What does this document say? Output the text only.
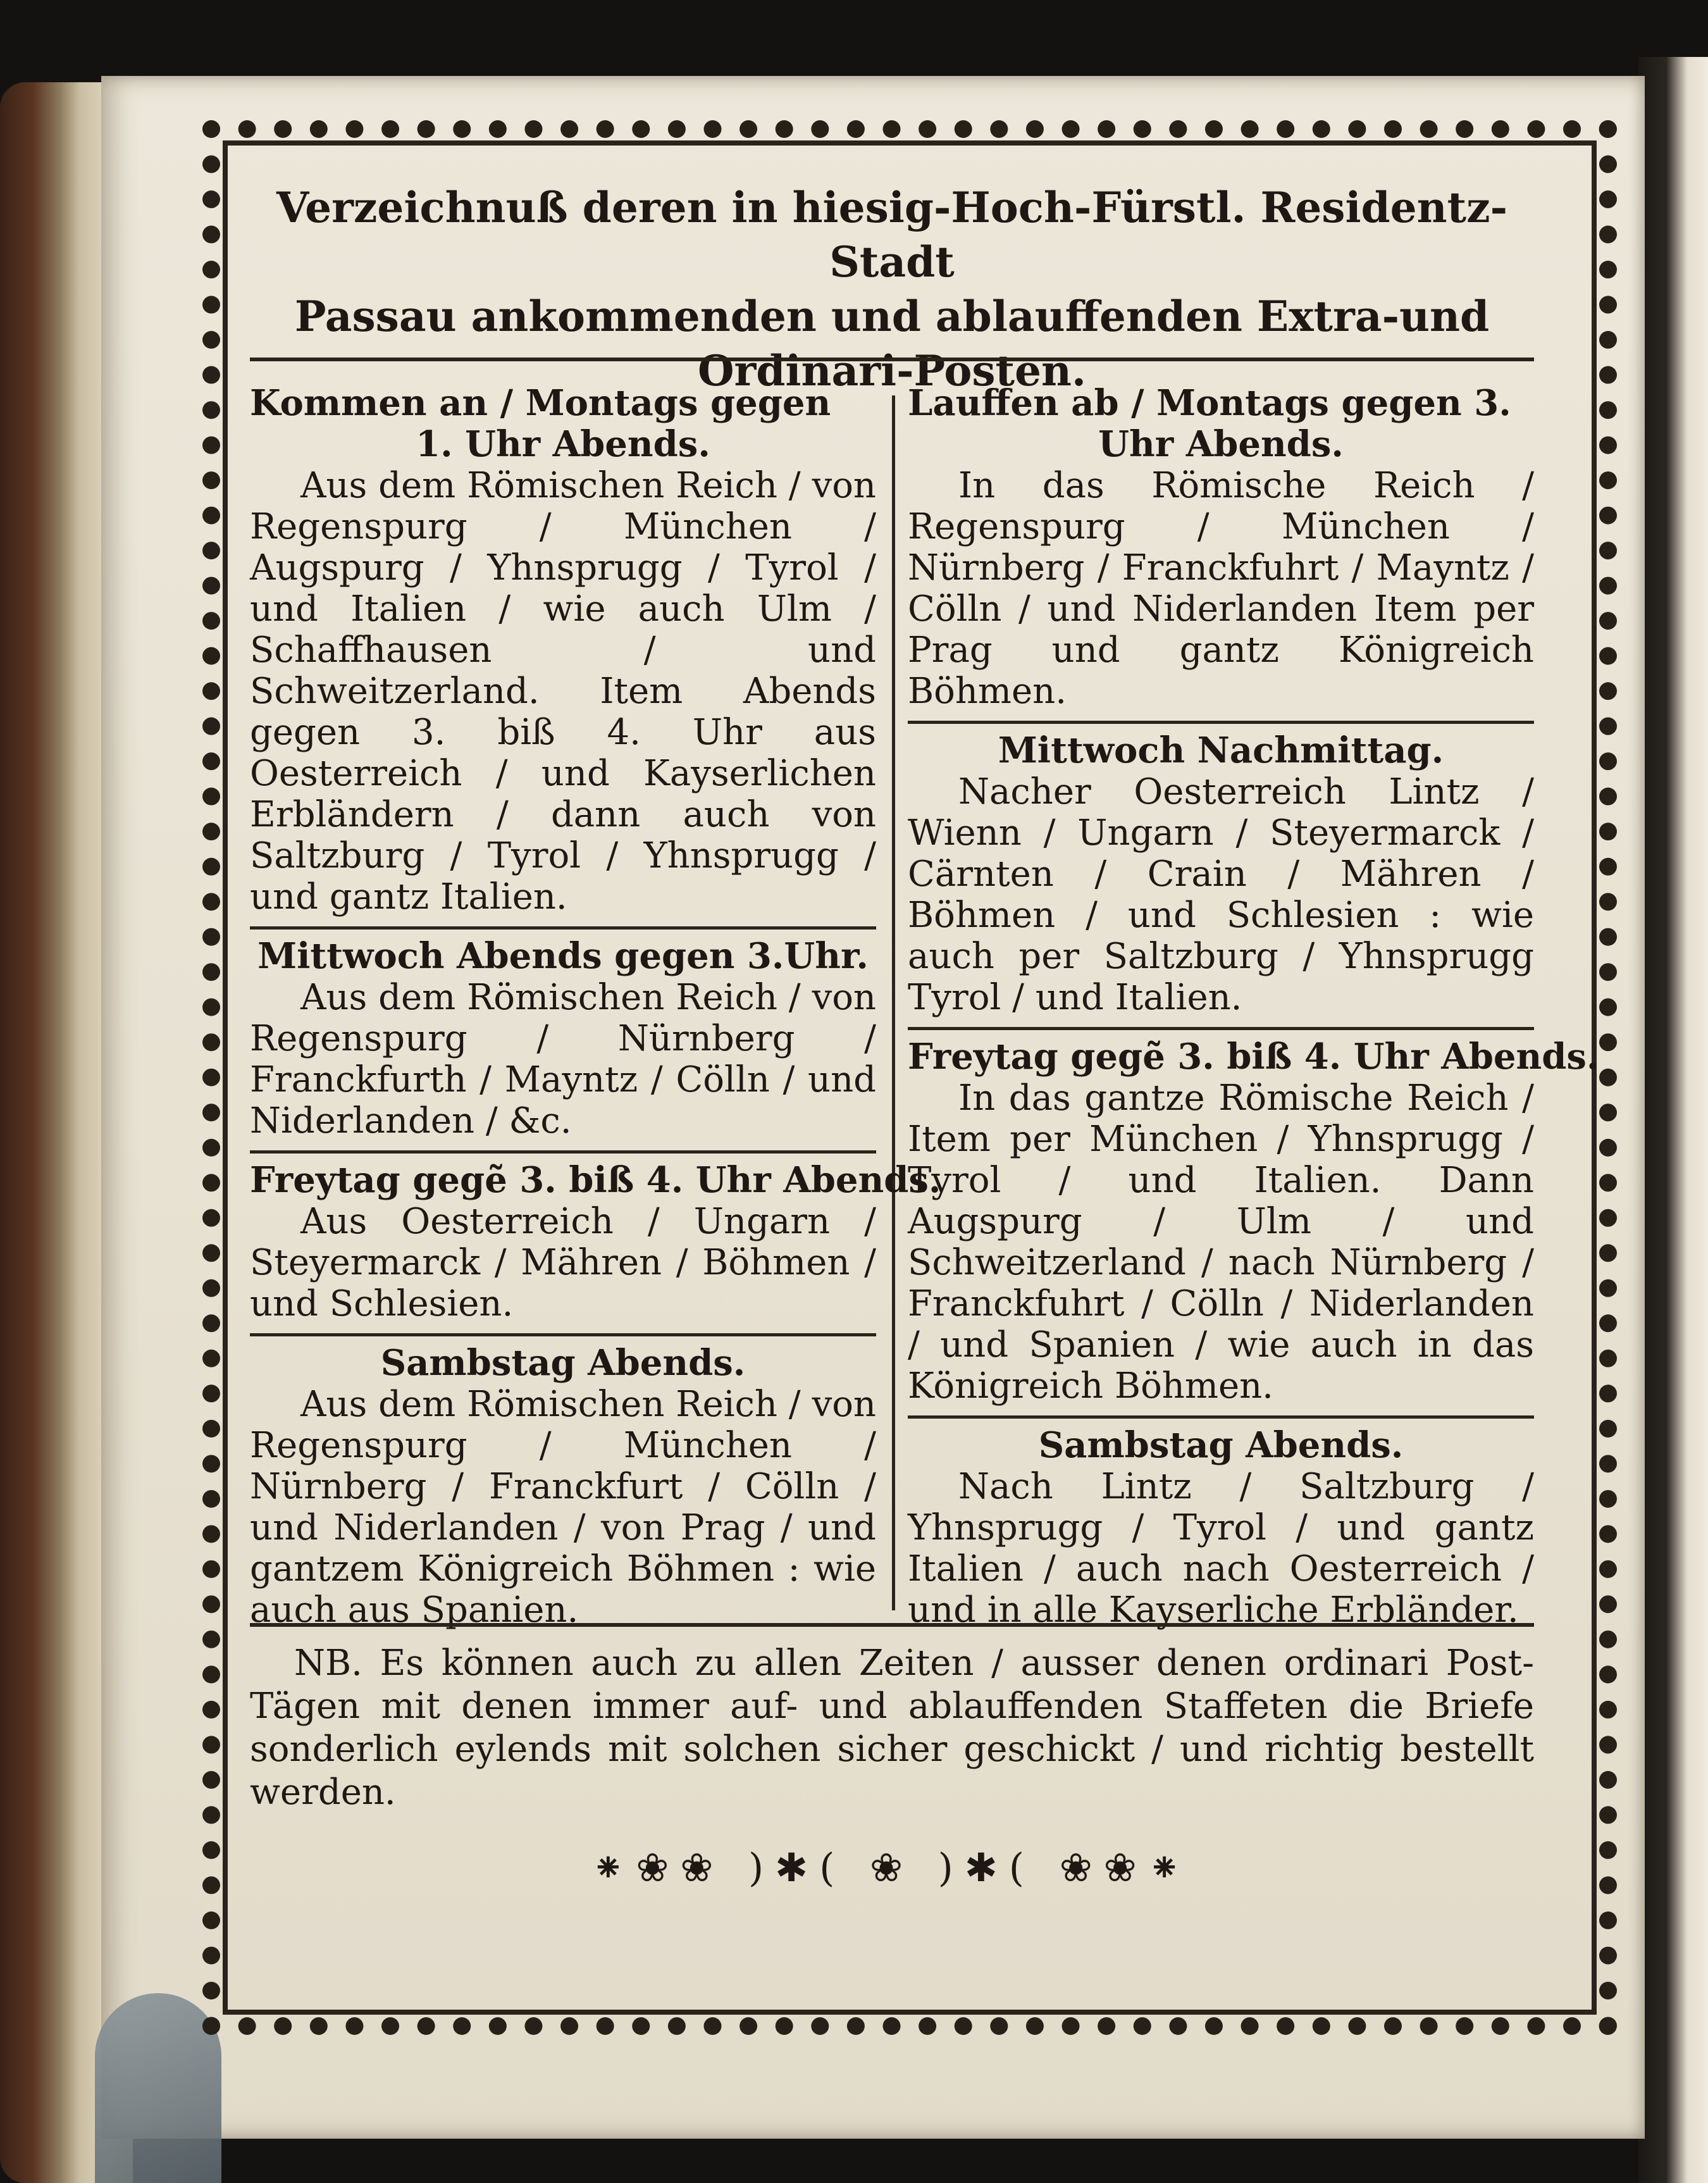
Verzeichnuß deren in hiesig-Hoch-Fürstl. Residentz-Stadt
Passau ankommenden und ablauffenden Extra-und
Ordinari-Posten.
Kommen an / Montags gegen
1. Uhr Abends.
Aus dem Römischen Reich / von Regenspurg / München / Augspurg / Yhnsprugg / Tyrol / und Italien / wie auch Ulm / Schaffhausen / und Schweitzerland. Item Abends gegen 3. biß 4. Uhr aus Oesterreich / und Kayserlichen Erbländern / dann auch von Saltzburg / Tyrol / Yhnsprugg / und gantz Italien.
Mittwoch Abends gegen 3.Uhr.
Aus dem Römischen Reich / von Regenspurg / Nürnberg / Franckfurth / Mayntz / Cölln / und Niderlanden / &c.
Freytag gegẽ 3. biß 4. Uhr Abends.
Aus Oesterreich / Ungarn / Steyermarck / Mähren / Böhmen / und Schlesien.
Sambstag Abends.
Aus dem Römischen Reich / von Regenspurg / München / Nürnberg / Franckfurt / Cölln / und Niderlanden / von Prag / und gantzem Königreich Böhmen : wie auch aus Spanien.
Lauffen ab / Montags gegen 3.
Uhr Abends.
In das Römische Reich / Regenspurg / München / Nürnberg / Franckfuhrt / Mayntz / Cölln / und Niderlanden Item per Prag und gantz Königreich Böhmen.
Mittwoch Nachmittag.
Nacher Oesterreich Lintz / Wienn / Ungarn / Steyermarck / Cärnten / Crain / Mähren / Böhmen / und Schlesien : wie auch per Saltzburg / Yhnsprugg Tyrol / und Italien.
Freytag gegẽ 3. biß 4. Uhr Abends.
In das gantze Römische Reich / Item per München / Yhnsprugg / Tyrol / und Italien. Dann Augspurg / Ulm / und Schweitzerland / nach Nürnberg / Franckfuhrt / Cölln / Niderlanden / und Spanien / wie auch in das Königreich Böhmen.
Sambstag Abends.
Nach Lintz / Saltzburg / Yhnsprugg / Tyrol / und gantz Italien / auch nach Oesterreich / und in alle Kayserliche Erbländer.
NB. Es können auch zu allen Zeiten / ausser denen ordinari Post-Tägen mit denen immer auf- und ablauffenden Staffeten die Briefe sonderlich eylends mit solchen sicher geschickt / und richtig bestellt werden.
⁕❀❀ )✱( ❀ )✱( ❀❀⁕
